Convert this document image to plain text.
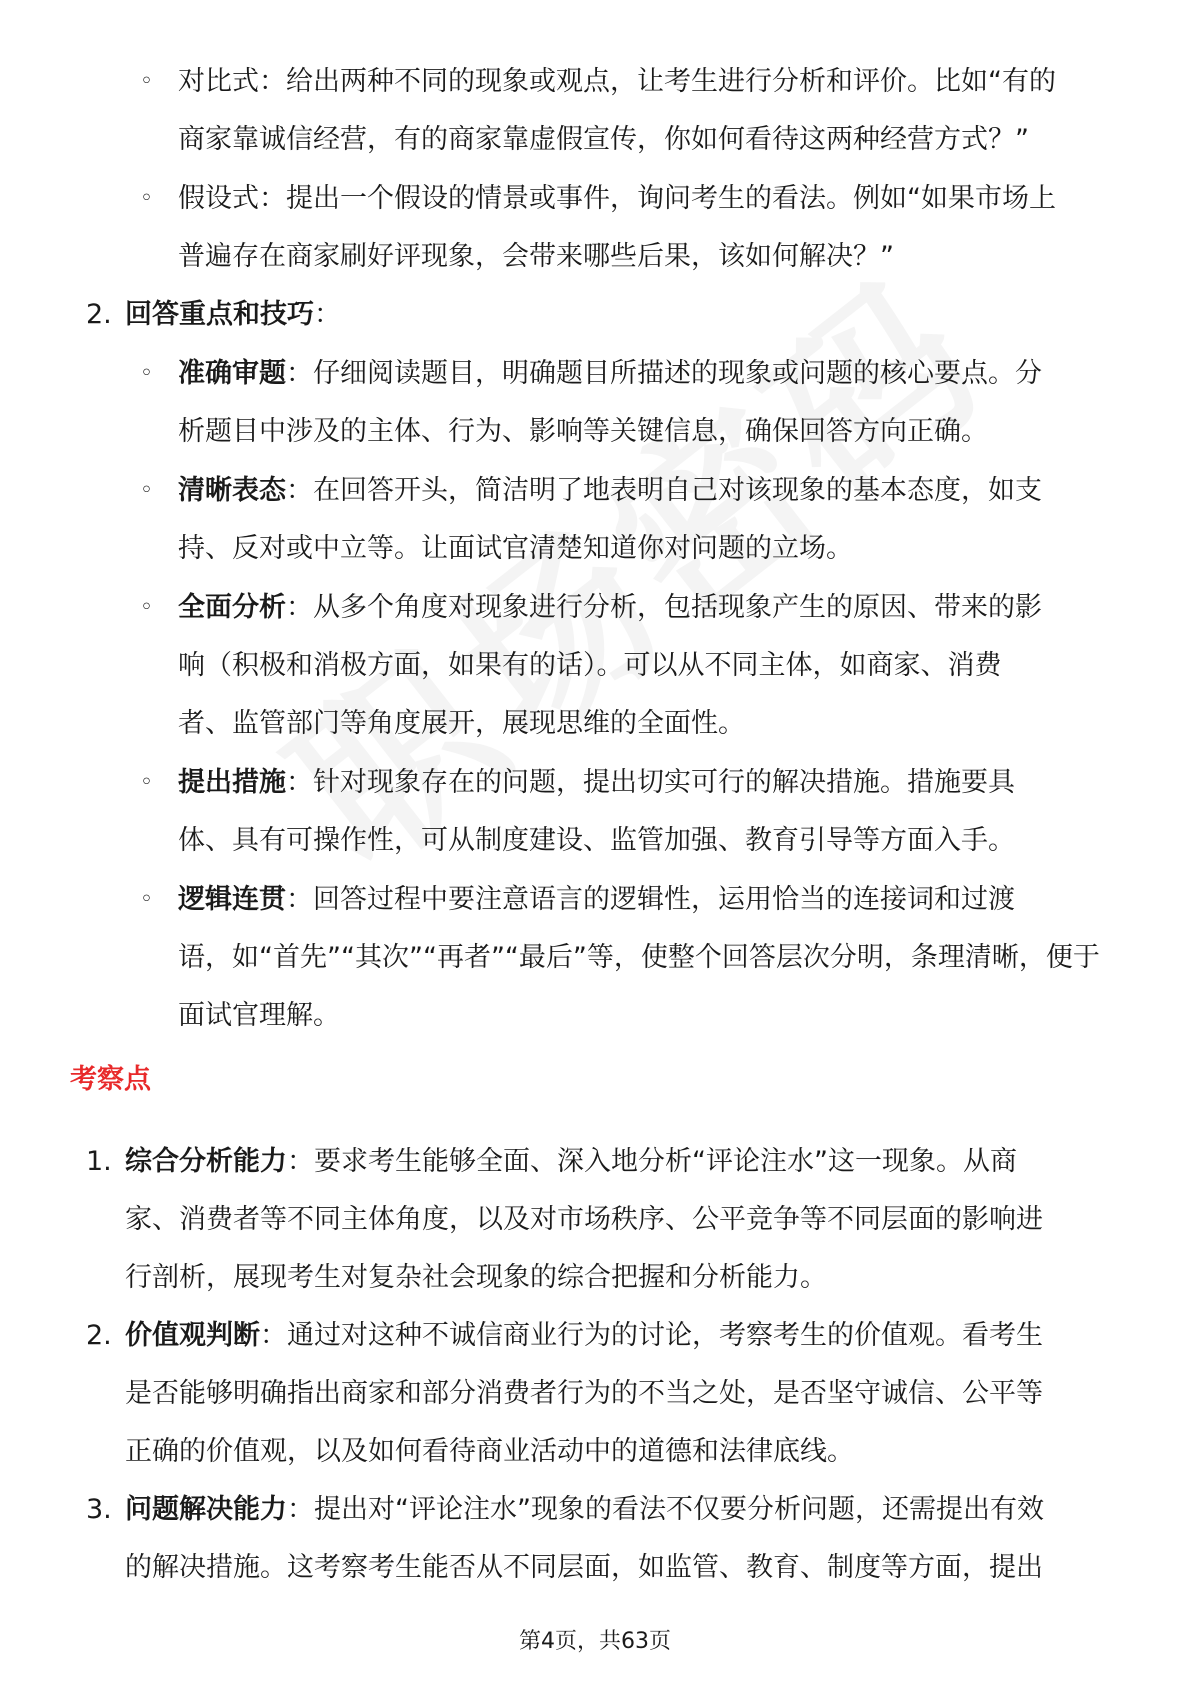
◦ 对比式：给出两种不同的现象或观点，让考生进行分析和评价。比如“有的
商家靠诚信经营，有的商家靠虚假宣传，你如何看待这两种经营方式？”
◦ 假设式：提出一个假设的情景或事件，询问考生的看法。例如“如果市场上
普遍存在商家刷好评现象，会带来哪些后果，该如何解决？”
2. 回答重点和技巧：
◦ 准确审题：仔细阅读题目，明确题目所描述的现象或问题的核心要点。分
析题目中涉及的主体、行为、影响等关键信息，确保回答方向正确。
◦ 清晰表态：在回答开头，简洁明了地表明自己对该现象的基本态度，如支
持、反对或中立等。让面试官清楚知道你对问题的立场。
◦ 全面分析：从多个角度对现象进行分析，包括现象产生的原因、带来的影
响（积极和消极方面，如果有的话）。可以从不同主体，如商家、消费
者、监管部门等角度展开，展现思维的全面性。
◦ 提出措施：针对现象存在的问题，提出切实可行的解决措施。措施要具
体、具有可操作性，可从制度建设、监管加强、教育引导等方面入手。
◦ 逻辑连贯：回答过程中要注意语言的逻辑性，运用恰当的连接词和过渡
语，如“首先”“其次”“再者”“最后”等，使整个回答层次分明，条理清晰，便于
面试官理解。
考察点
1. 综合分析能力：要求考生能够全面、深入地分析“评论注水”这一现象。从商
家、消费者等不同主体角度，以及对市场秩序、公平竞争等不同层面的影响进
行剖析，展现考生对复杂社会现象的综合把握和分析能力。
2. 价值观判断：通过对这种不诚信商业行为的讨论，考察考生的价值观。看考生
是否能够明确指出商家和部分消费者行为的不当之处，是否坚守诚信、公平等
正确的价值观，以及如何看待商业活动中的道德和法律底线。
3. 问题解决能力：提出对“评论注水”现象的看法不仅要分析问题，还需提出有效
的解决措施。这考察考生能否从不同层面，如监管、教育、制度等方面，提出
第4页，共63页
